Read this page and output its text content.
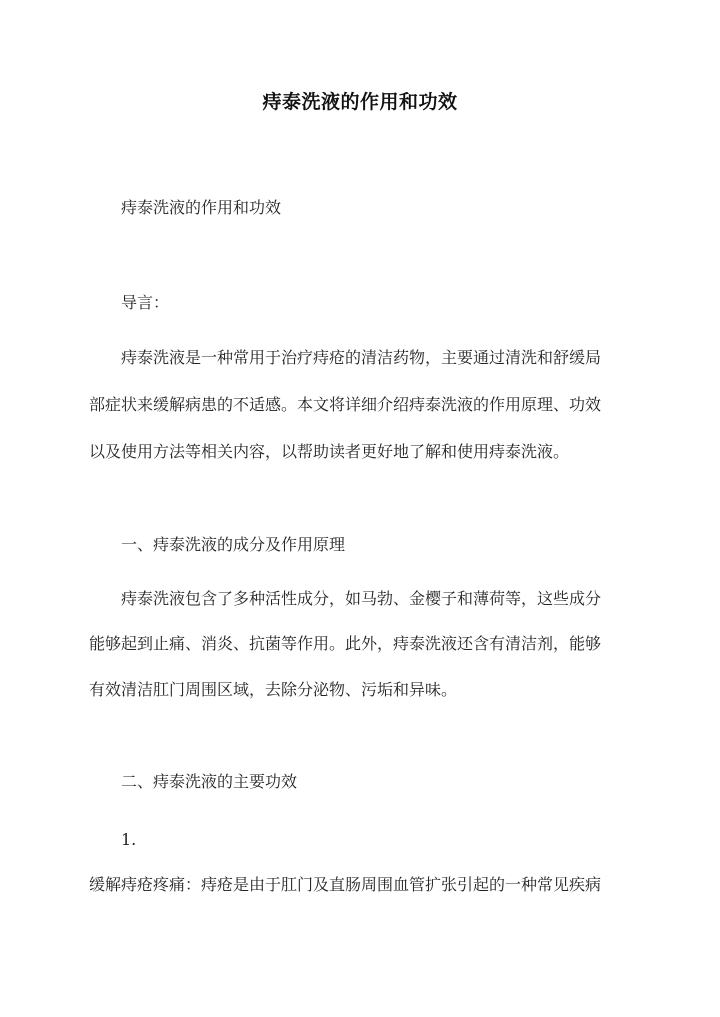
痔泰洗液的作用和功效
痔泰洗液的作用和功效
导言：
痔泰洗液是一种常用于治疗痔疮的清洁药物，主要通过清洗和舒缓局
部症状来缓解病患的不适感。本文将详细介绍痔泰洗液的作用原理、功效
以及使用方法等相关内容，以帮助读者更好地了解和使用痔泰洗液。
一、痔泰洗液的成分及作用原理
痔泰洗液包含了多种活性成分，如马勃、金樱子和薄荷等，这些成分
能够起到止痛、消炎、抗菌等作用。此外，痔泰洗液还含有清洁剂，能够
有效清洁肛门周围区域，去除分泌物、污垢和异味。
二、痔泰洗液的主要功效
1.
缓解痔疮疼痛：痔疮是由于肛门及直肠周围血管扩张引起的一种常见疾病
